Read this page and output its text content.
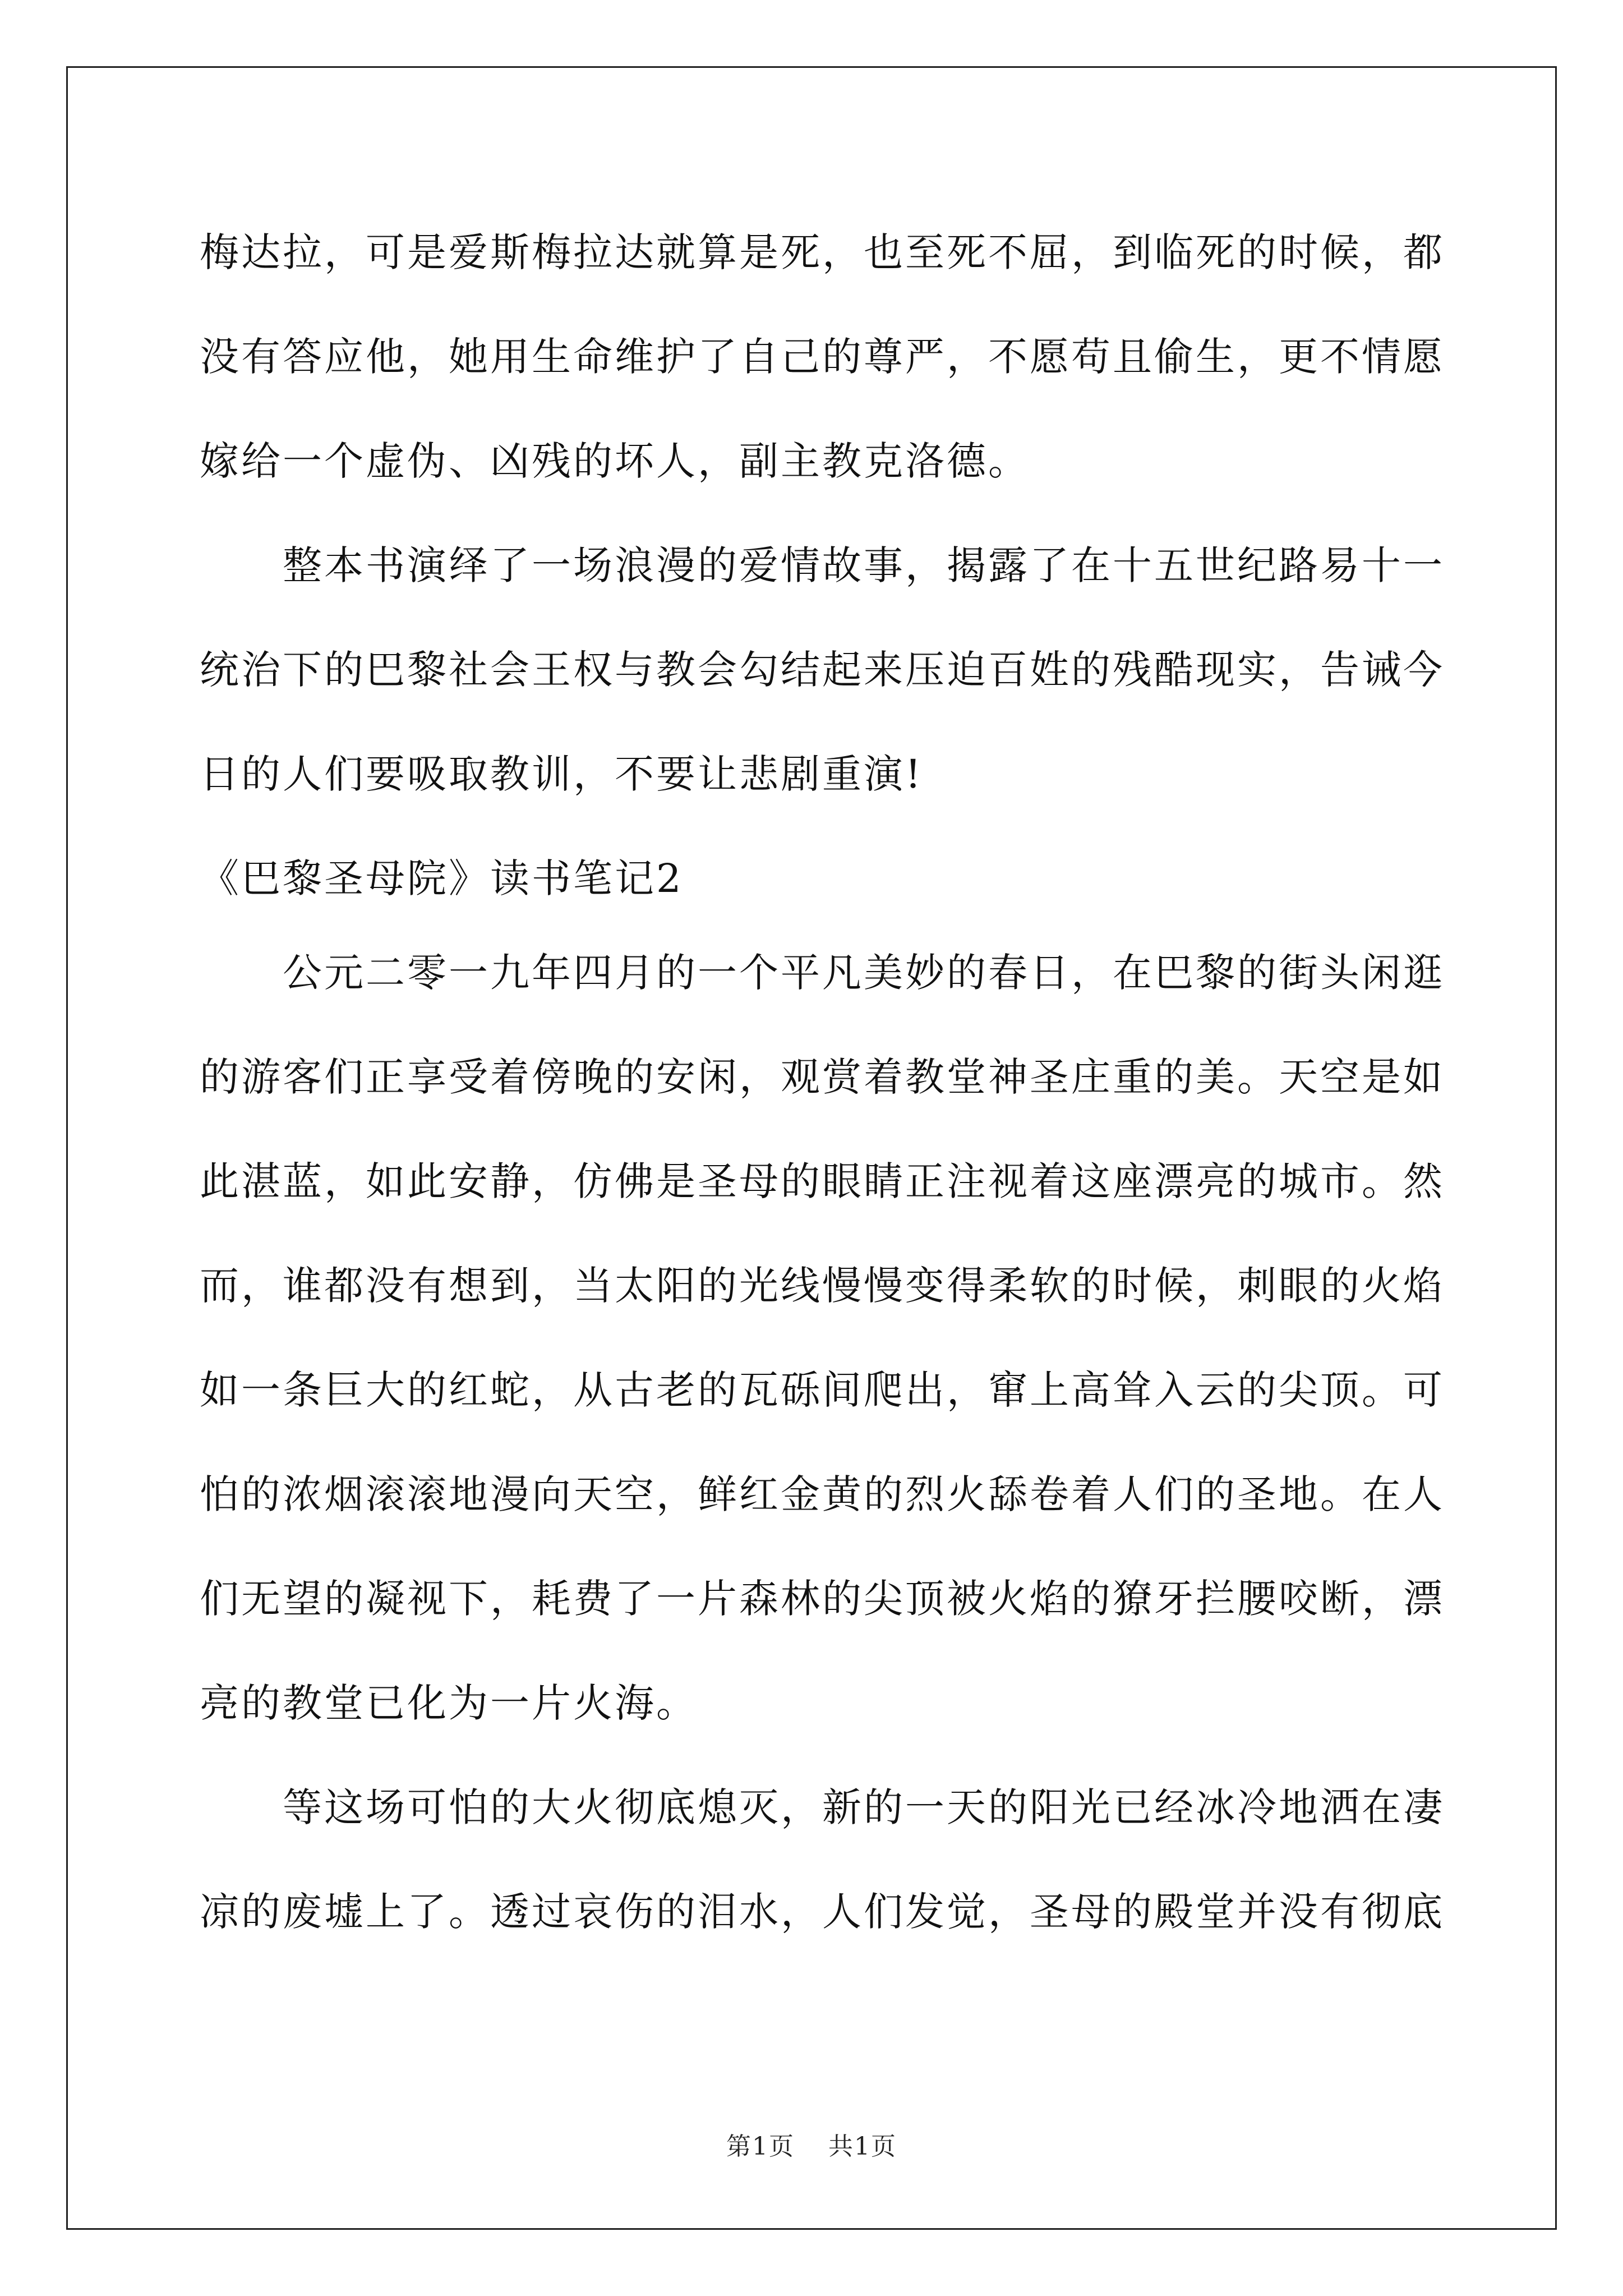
梅达拉，可是爱斯梅拉达就算是死，也至死不屈，到临死的时候，都
没有答应他，她用生命维护了自己的尊严，不愿苟且偷生，更不情愿
嫁给一个虚伪、凶残的坏人，副主教克洛德。
整本书演绎了一场浪漫的爱情故事，揭露了在十五世纪路易十一
统治下的巴黎社会王权与教会勾结起来压迫百姓的残酷现实，告诫今
日的人们要吸取教训，不要让悲剧重演!
《巴黎圣母院》读书笔记2
公元二零一九年四月的一个平凡美妙的春日，在巴黎的街头闲逛
的游客们正享受着傍晚的安闲，观赏着教堂神圣庄重的美。天空是如
此湛蓝，如此安静，仿佛是圣母的眼睛正注视着这座漂亮的城市。然
而，谁都没有想到，当太阳的光线慢慢变得柔软的时候，刺眼的火焰
如一条巨大的红蛇，从古老的瓦砾间爬出，窜上高耸入云的尖顶。可
怕的浓烟滚滚地漫向天空，鲜红金黄的烈火舔卷着人们的圣地。在人
们无望的凝视下，耗费了一片森林的尖顶被火焰的獠牙拦腰咬断，漂
亮的教堂已化为一片火海。
等这场可怕的大火彻底熄灭，新的一天的阳光已经冰冷地洒在凄
凉的废墟上了。透过哀伤的泪水，人们发觉，圣母的殿堂并没有彻底
第1页 共1页
